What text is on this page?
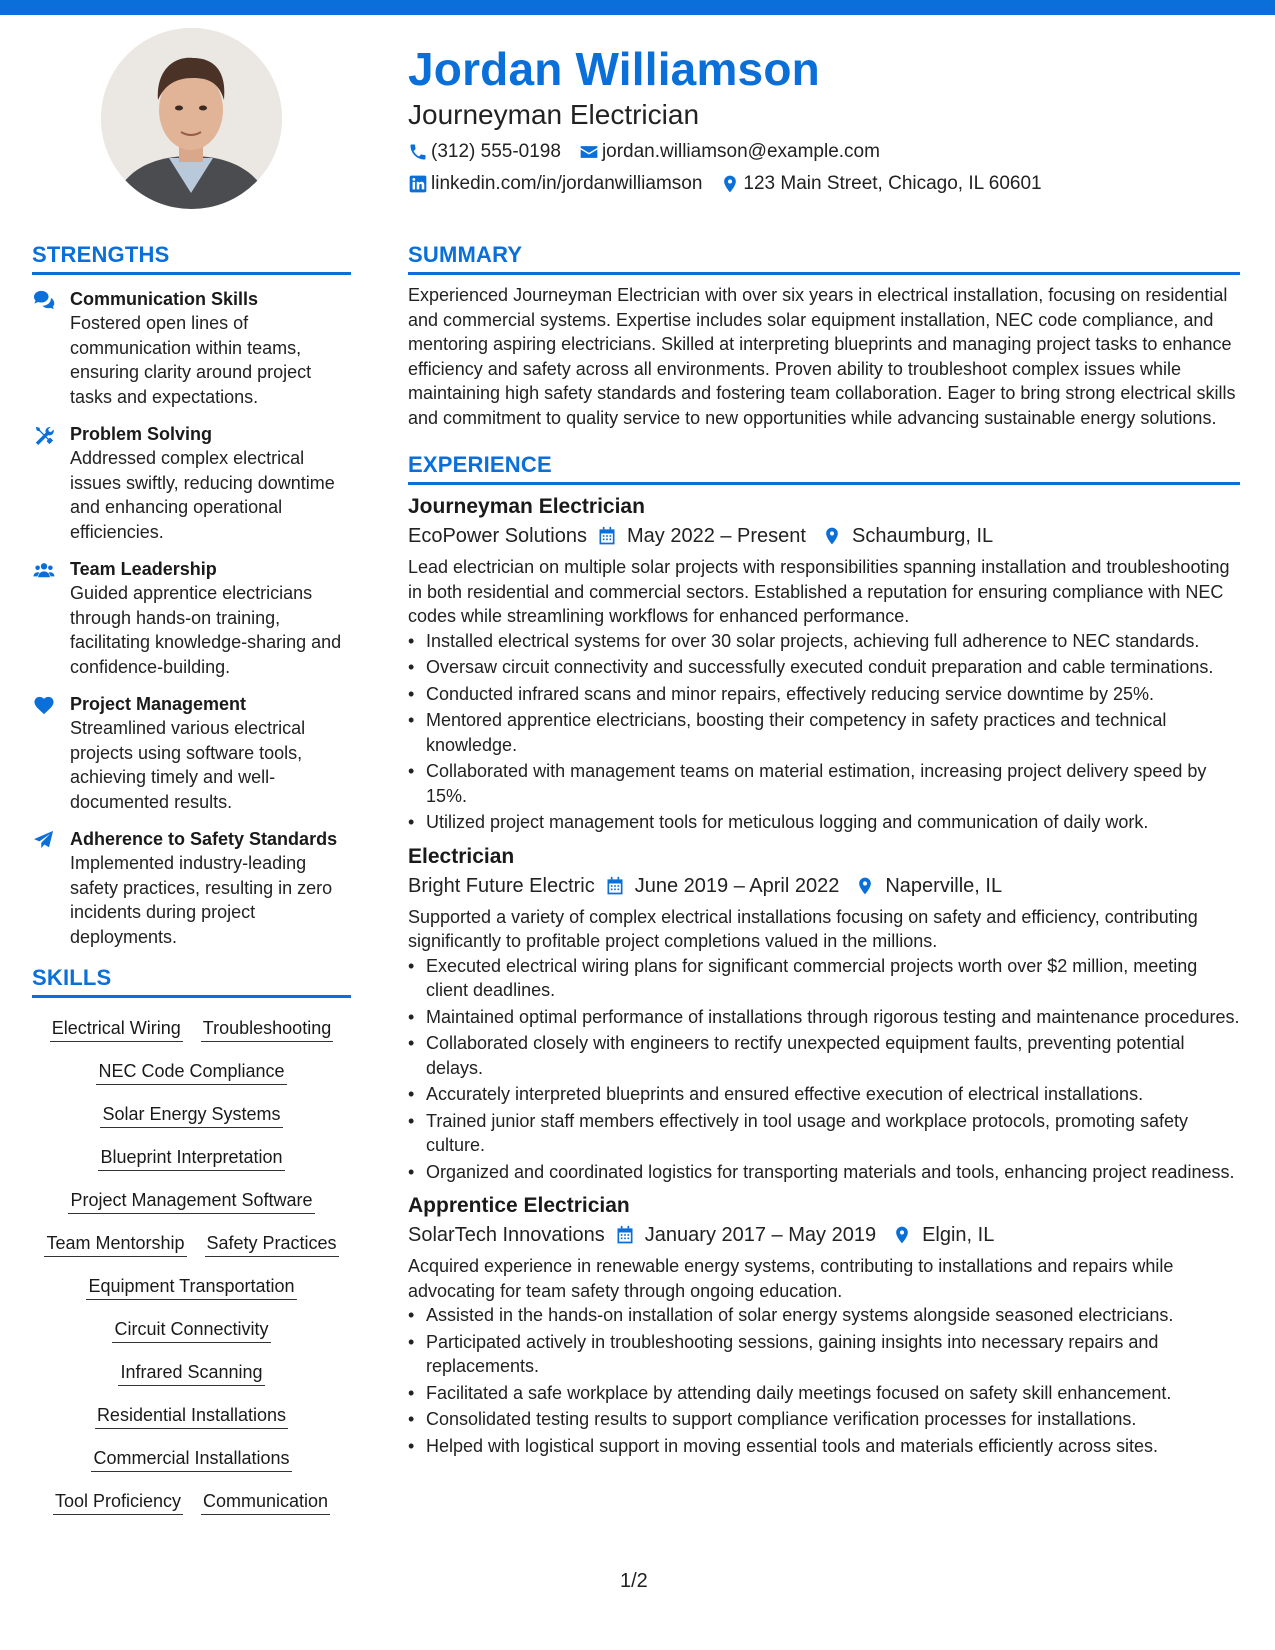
Jordan Williamson
Journeyman Electrician
(312) 555-0198 jordan.williamson@example.com
linkedin.com/in/jordanwilliamson 123 Main Street, Chicago, IL 60601
STRENGTHS
Communication Skills
Fostered open lines of communication within teams, ensuring clarity around project tasks and expectations.
Problem Solving
Addressed complex electrical issues swiftly, reducing downtime and enhancing operational efficiencies.
Team Leadership
Guided apprentice electricians through hands-on training, facilitating knowledge-sharing and confidence-building.
Project Management
Streamlined various electrical projects using software tools, achieving timely and well-documented results.
Adherence to Safety Standards
Implemented industry-leading safety practices, resulting in zero incidents during project deployments.
SKILLS
Electrical Wiring Troubleshooting
NEC Code Compliance
Solar Energy Systems
Blueprint Interpretation
Project Management Software
Team Mentorship Safety Practices
Equipment Transportation
Circuit Connectivity
Infrared Scanning
Residential Installations
Commercial Installations
Tool Proficiency Communication
SUMMARY
Experienced Journeyman Electrician with over six years in electrical installation, focusing on residential and commercial systems. Expertise includes solar equipment installation, NEC code compliance, and mentoring aspiring electricians. Skilled at interpreting blueprints and managing project tasks to enhance efficiency and safety across all environments. Proven ability to troubleshoot complex issues while maintaining high safety standards and fostering team collaboration. Eager to bring strong electrical skills and commitment to quality service to new opportunities while advancing sustainable energy solutions.
EXPERIENCE
Journeyman Electrician
EcoPower Solutions May 2022 – Present Schaumburg, IL
Lead electrician on multiple solar projects with responsibilities spanning installation and troubleshooting in both residential and commercial sectors. Established a reputation for ensuring compliance with NEC codes while streamlining workflows for enhanced performance.
• Installed electrical systems for over 30 solar projects, achieving full adherence to NEC standards.
• Oversaw circuit connectivity and successfully executed conduit preparation and cable terminations.
• Conducted infrared scans and minor repairs, effectively reducing service downtime by 25%.
• Mentored apprentice electricians, boosting their competency in safety practices and technical knowledge.
• Collaborated with management teams on material estimation, increasing project delivery speed by 15%.
• Utilized project management tools for meticulous logging and communication of daily work.
Electrician
Bright Future Electric June 2019 – April 2022 Naperville, IL
Supported a variety of complex electrical installations focusing on safety and efficiency, contributing significantly to profitable project completions valued in the millions.
• Executed electrical wiring plans for significant commercial projects worth over $2 million, meeting client deadlines.
• Maintained optimal performance of installations through rigorous testing and maintenance procedures.
• Collaborated closely with engineers to rectify unexpected equipment faults, preventing potential delays.
• Accurately interpreted blueprints and ensured effective execution of electrical installations.
• Trained junior staff members effectively in tool usage and workplace protocols, promoting safety culture.
• Organized and coordinated logistics for transporting materials and tools, enhancing project readiness.
Apprentice Electrician
SolarTech Innovations January 2017 – May 2019 Elgin, IL
Acquired experience in renewable energy systems, contributing to installations and repairs while advocating for team safety through ongoing education.
• Assisted in the hands-on installation of solar energy systems alongside seasoned electricians.
• Participated actively in troubleshooting sessions, gaining insights into necessary repairs and replacements.
• Facilitated a safe workplace by attending daily meetings focused on safety skill enhancement.
• Consolidated testing results to support compliance verification processes for installations.
• Helped with logistical support in moving essential tools and materials efficiently across sites.
1/2
